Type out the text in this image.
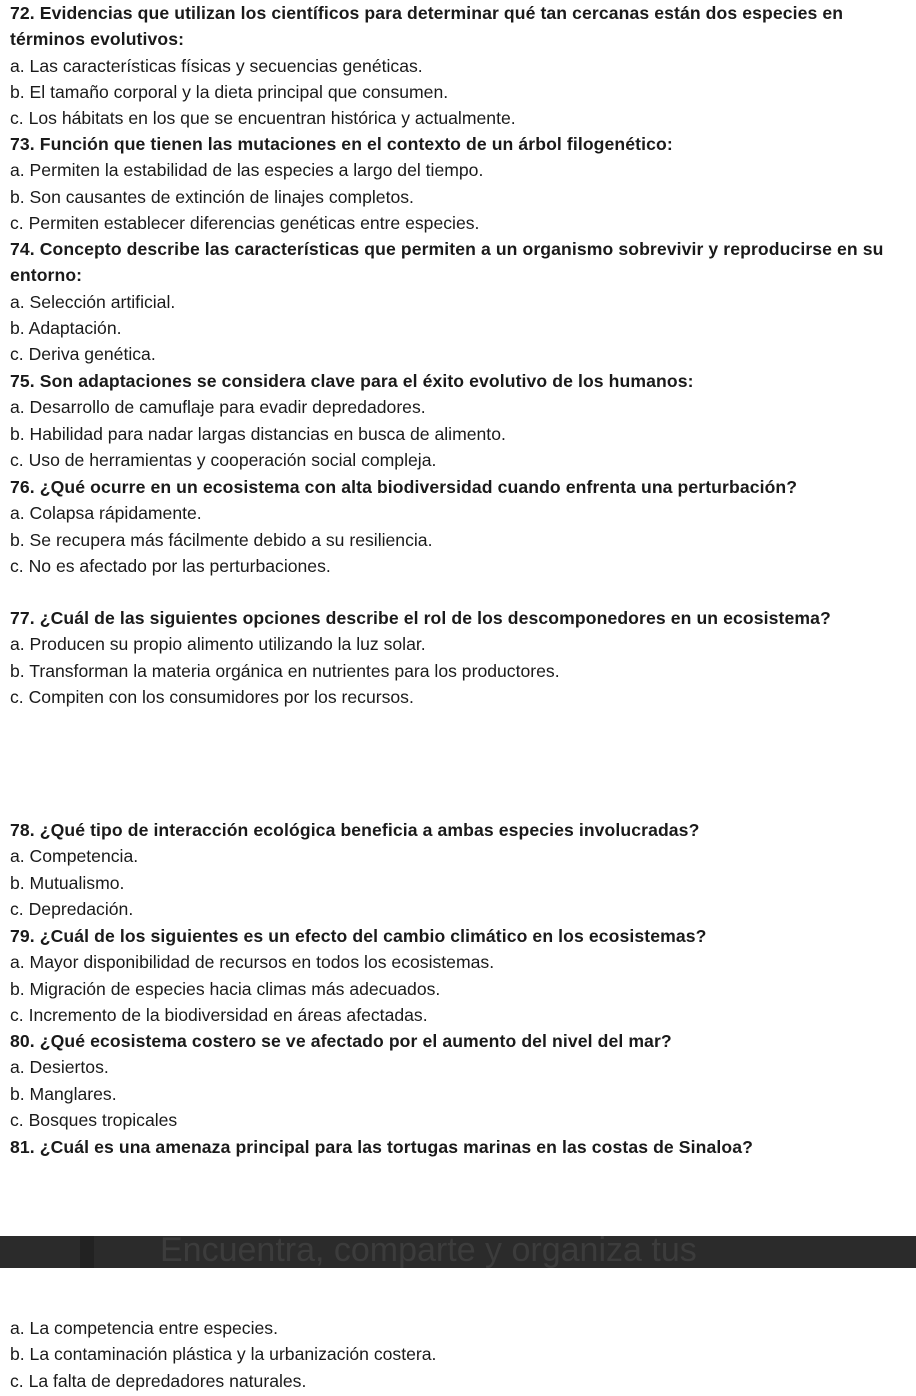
72. Evidencias que utilizan los científicos para determinar qué tan cercanas están dos especies en términos evolutivos:

a. Las características físicas y secuencias genéticas.

b. El tamaño corporal y la dieta principal que consumen.

c. Los hábitats en los que se encuentran histórica y actualmente.

73. Función que tienen las mutaciones en el contexto de un árbol filogenético:

a. Permiten la estabilidad de las especies a largo del tiempo.

b. Son causantes de extinción de linajes completos.

c. Permiten establecer diferencias genéticas entre especies.

74. Concepto describe las características que permiten a un organismo sobrevivir y reproducirse en su entorno:

a. Selección artificial.

b. Adaptación.

c. Deriva genética.

75. Son adaptaciones se considera clave para el éxito evolutivo de los humanos:

a. Desarrollo de camuflaje para evadir depredadores.

b. Habilidad para nadar largas distancias en busca de alimento.

c. Uso de herramientas y cooperación social compleja.

76. ¿Qué ocurre en un ecosistema con alta biodiversidad cuando enfrenta una perturbación?

a. Colapsa rápidamente.

b. Se recupera más fácilmente debido a su resiliencia.

c. No es afectado por las perturbaciones.

77. ¿Cuál de las siguientes opciones describe el rol de los descomponedores en un ecosistema?

a. Producen su propio alimento utilizando la luz solar.

b. Transforman la materia orgánica en nutrientes para los productores.

c. Compiten con los consumidores por los recursos.

78. ¿Qué tipo de interacción ecológica beneficia a ambas especies involucradas?

a. Competencia.

b. Mutualismo.

c. Depredación.

79. ¿Cuál de los siguientes es un efecto del cambio climático en los ecosistemas?

a. Mayor disponibilidad de recursos en todos los ecosistemas.

b. Migración de especies hacia climas más adecuados.

c. Incremento de la biodiversidad en áreas afectadas.

80. ¿Qué ecosistema costero se ve afectado por el aumento del nivel del mar?

a. Desiertos.

b. Manglares.

c. Bosques tropicales

81. ¿Cuál es una amenaza principal para las tortugas marinas en las costas de Sinaloa?

Encuentra, comparte y organiza tus

a. La competencia entre especies.

b. La contaminación plástica y la urbanización costera.

c. La falta de depredadores naturales.
